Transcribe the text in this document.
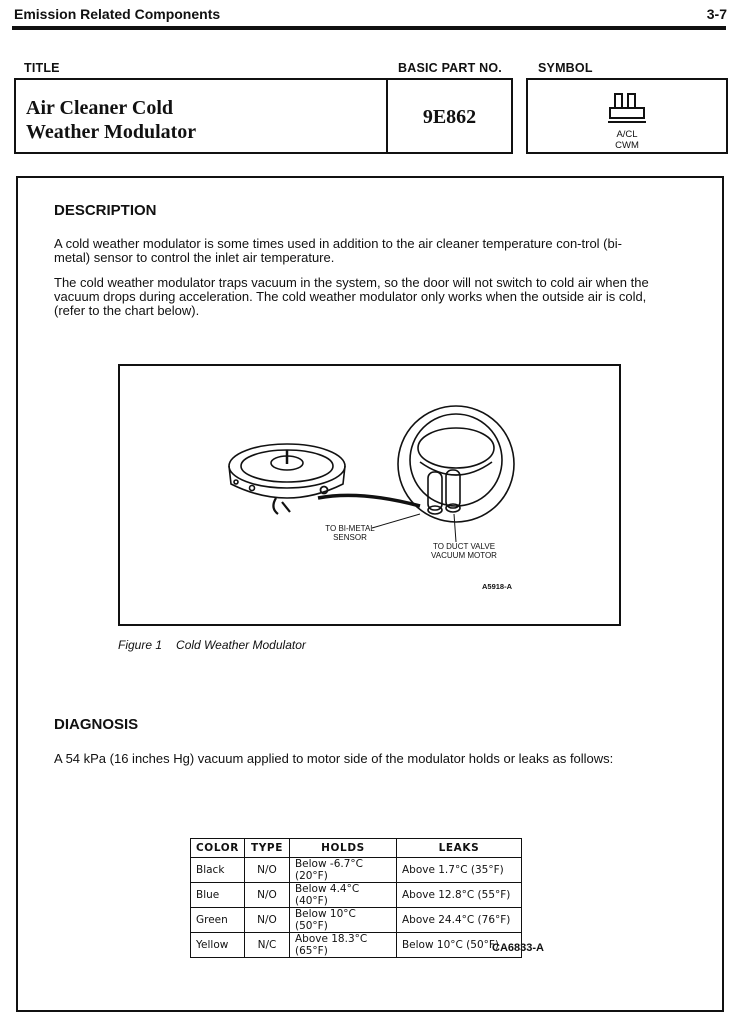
Emission Related Components	3-7
TITLE	BASIC PART NO.	SYMBOL
Air Cleaner Cold
Weather Modulator
9E862
A/CL
CWM
DESCRIPTION
A cold weather modulator is some times used in addition to the air cleaner temperature con-trol (bi-metal) sensor to control the inlet air temperature.
The cold weather modulator traps vacuum in the system, so the door will not switch to cold air when the vacuum drops during acceleration. The cold weather modulator only works when the outside air is cold, (refer to the chart below).
TO BI-METAL
SENSOR
TO DUCT VALVE
VACUUM MOTOR
A5918-A
Figure 1 Cold Weather Modulator
DIAGNOSIS
A 54 kPa (16 inches Hg) vacuum applied to motor side of the modulator holds or leaks as follows:
COLOR	TYPE	HOLDS	LEAKS
Black	N/O	Below -6.7°C (20°F)	Above 1.7°C (35°F)
Blue	N/O	Below 4.4°C (40°F)	Above 12.8°C (55°F)
Green	N/O	Below 10°C (50°F)	Above 24.4°C (76°F)
Yellow	N/C	Above 18.3°C (65°F)	Below 10°C (50°F)
CA6833-A
